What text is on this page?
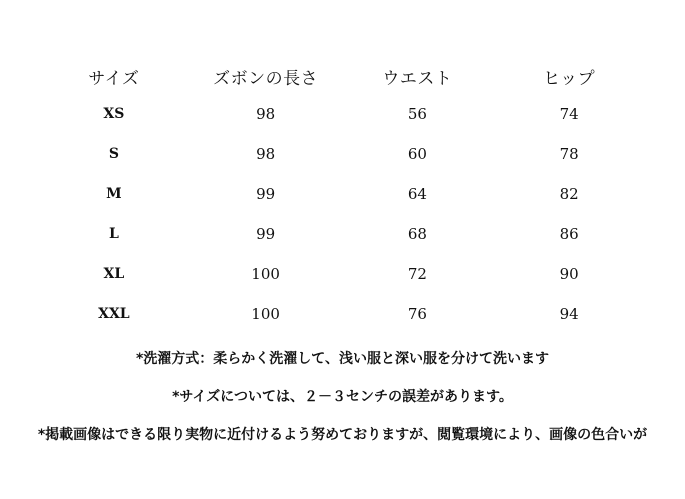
サイズ	ズボンの長さ	ウエスト	ヒップ
XS	98	56	74
S	98	60	78
M	99	64	82
L	99	68	86
XL	100	72	90
XXL	100	76	94

*洗濯方式：柔らかく洗濯して、浅い服と深い服を分けて洗います

*サイズについては、２－３センチの誤差があります。

*掲載画像はできる限り実物に近付けるよう努めておりますが、閲覧環境により、画像の色合いが
